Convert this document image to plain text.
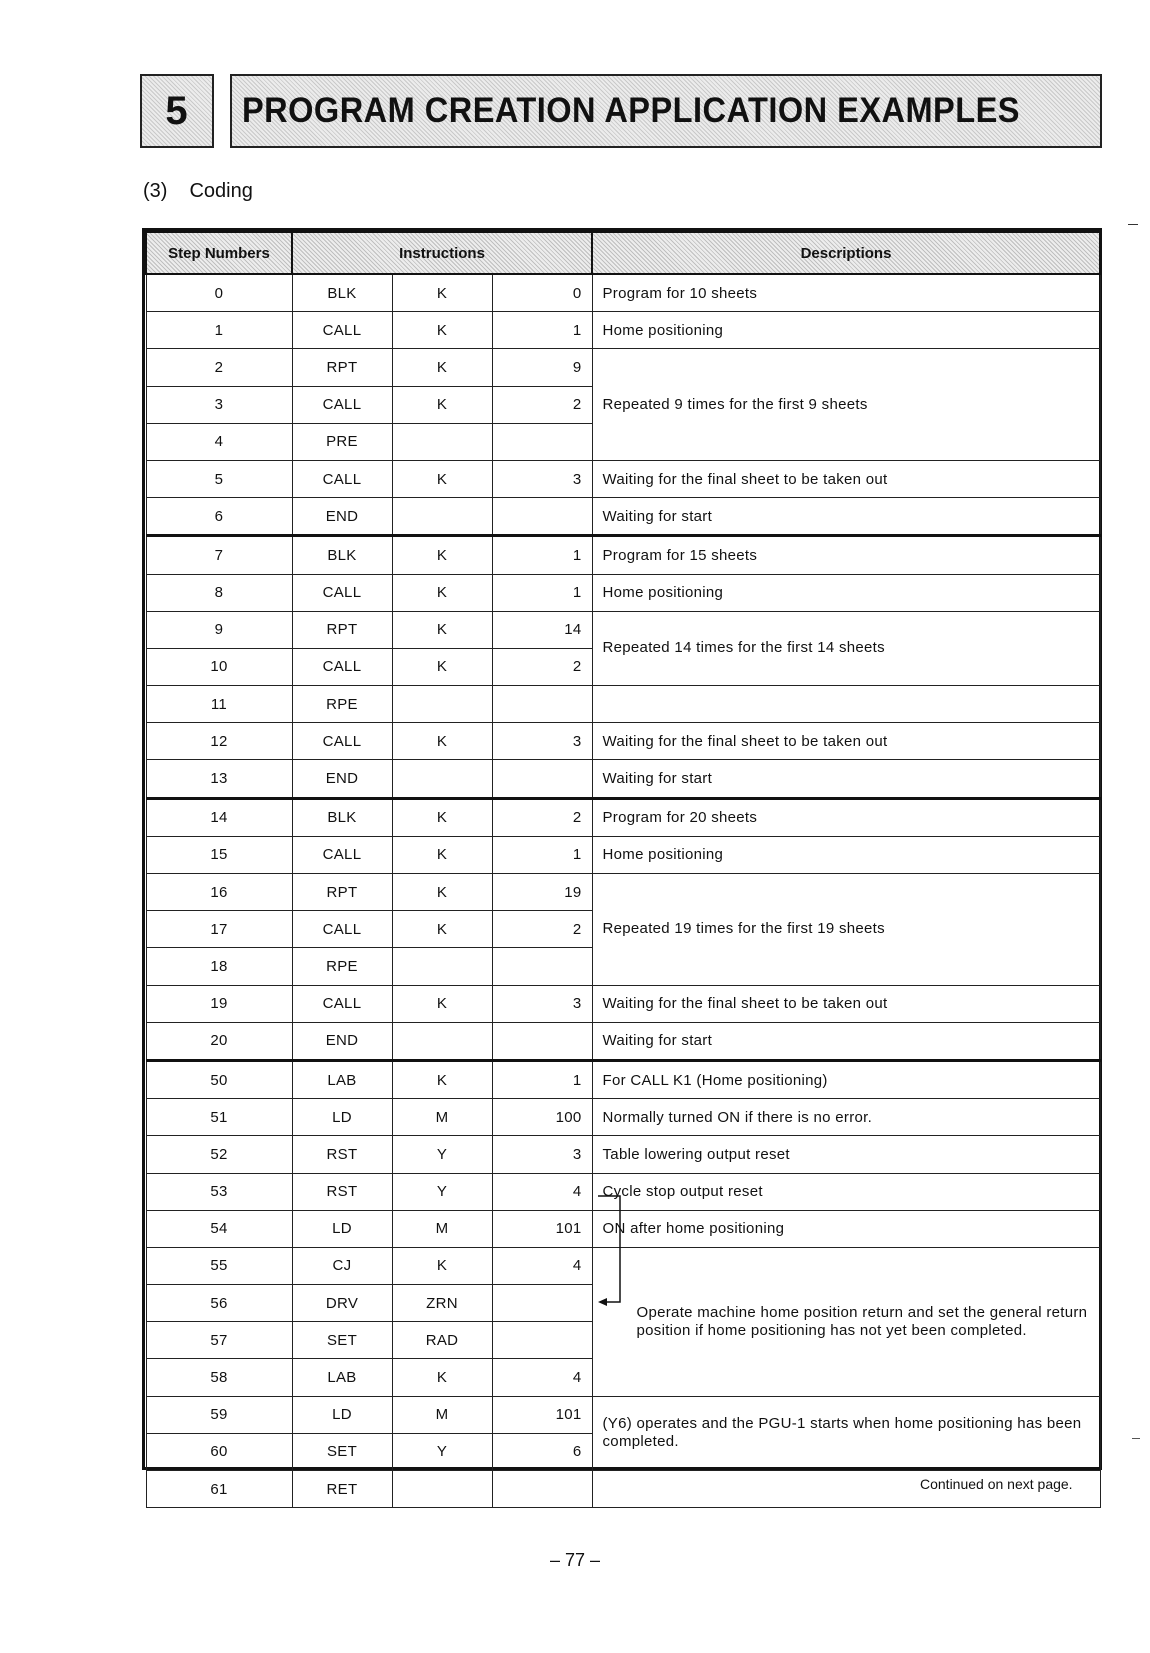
5	PROGRAM CREATION APPLICATION EXAMPLES
(3) Coding
Step Numbers	Instructions			Descriptions
0	BLK	K	0	Program for 10 sheets
1	CALL	K	1	Home positioning
2	RPT	K	9	Repeated 9 times for the first 9 sheets
3	CALL	K	2	
4	PRE			
5	CALL	K	3	Waiting for the final sheet to be taken out
6	END			Waiting for start
7	BLK	K	1	Program for 15 sheets
8	CALL	K	1	Home positioning
9	RPT	K	14	Repeated 14 times for the first 14 sheets
10	CALL	K	2	
11	RPE			
12	CALL	K	3	Waiting for the final sheet to be taken out
13	END			Waiting for start
14	BLK	K	2	Program for 20 sheets
15	CALL	K	1	Home positioning
16	RPT	K	19	Repeated 19 times for the first 19 sheets
17	CALL	K	2	
18	RPE			
19	CALL	K	3	Waiting for the final sheet to be taken out
20	END			Waiting for start
50	LAB	K	1	For CALL K1 (Home positioning)
51	LD	M	100	Normally turned ON if there is no error.
52	RST	Y	3	Table lowering output reset
53	RST	Y	4	Cycle stop output reset
54	LD	M	101	ON after home positioning
55	CJ	K	4	Operate machine home position return and set the general return position if home positioning has not yet been completed.
56	DRV	ZRN		
57	SET	RAD		
58	LAB	K	4	
59	LD	M	101	(Y6) operates and the PGU-1 starts when home positioning has been completed.
60	SET	Y	6	
61	RET				Continued on next page.
– 77 –
